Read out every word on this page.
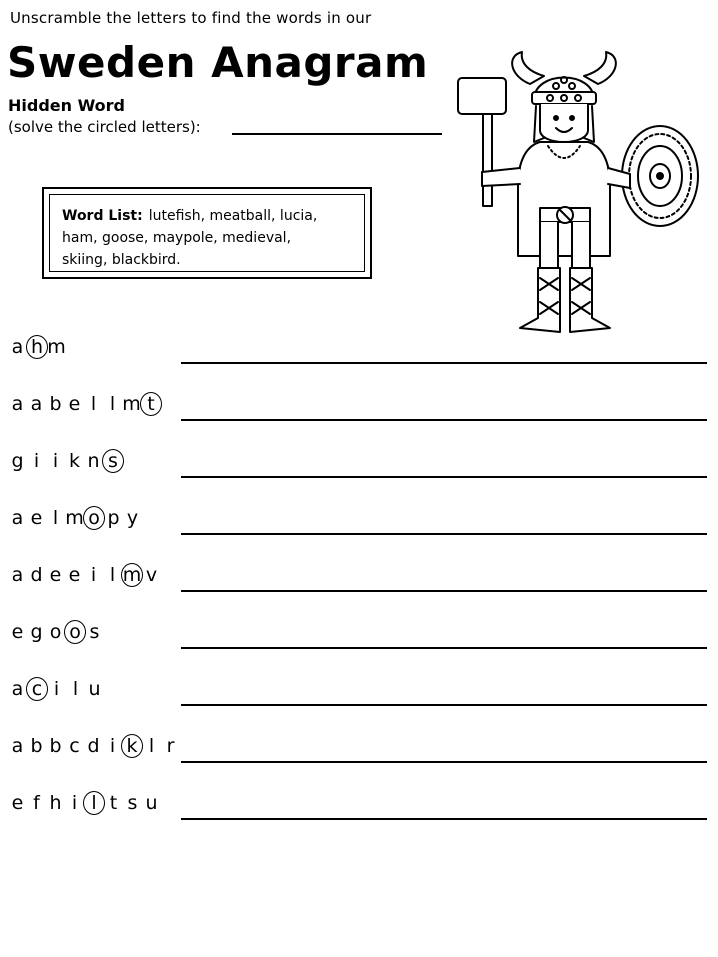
Unscramble the letters to find the words in our
Sweden Anagram
Hidden Word
(solve the circled letters):
Word List: lutefish, meatball, lucia,
ham, goose, maypole, medieval,
skiing, blackbird.
a h m
a a b e l l m t
g i i k n s
a e l m o p y
a d e e i l m v
e g o o s
a c i l u
a b b c d i k l r
e f h i l t s u
